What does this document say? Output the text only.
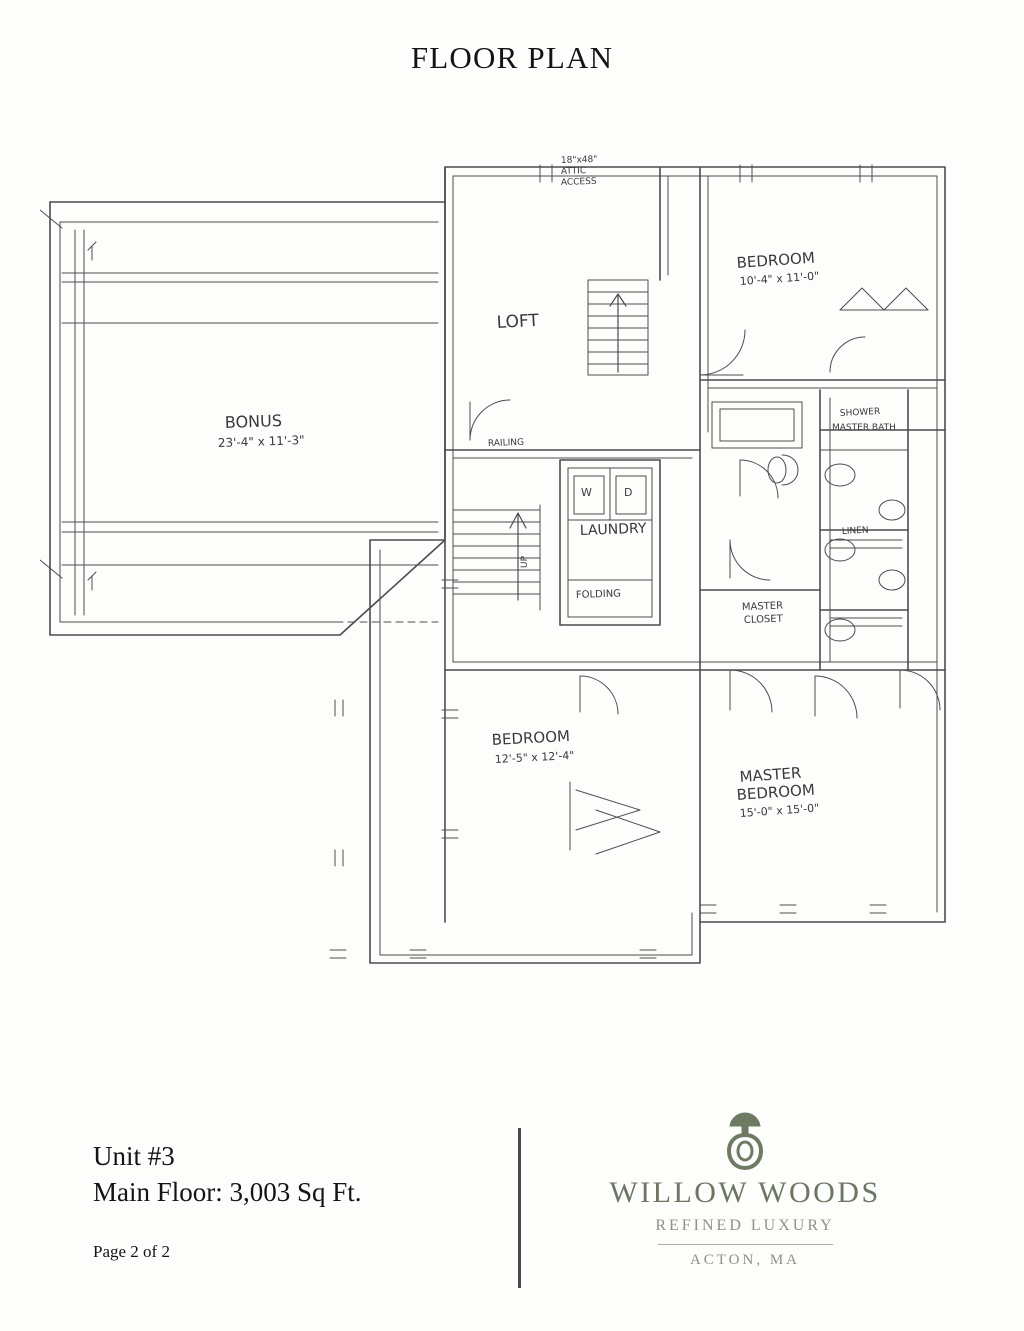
FLOOR PLAN
LOFT
BONUS
23'-4" x 11'-3"
BEDROOM
10'-4" x 11'-0"
BEDROOM
12'-5" x 12'-4"
MASTER
BEDROOM
15'-0" x 15'-0"
LAUNDRY
FOLDING
W	D
MASTER
CLOSET
MASTER BATH
SHOWER
LINEN
18"x48"
ATTIC
ACCESS
RAILING
UP
Unit #3
Main Floor: 3,003 Sq Ft.
Page 2 of 2
WILLOW WOODS
REFINED LUXURY
ACTON, MA
